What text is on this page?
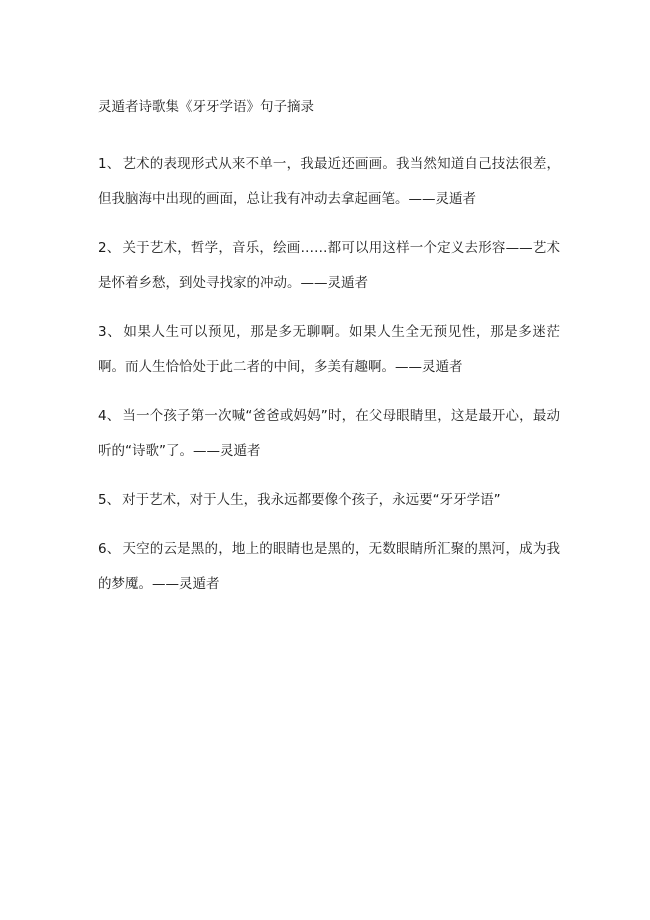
灵遁者诗歌集《牙牙学语》句子摘录

1、 艺术的表现形式从来不单一，我最近还画画。我当然知道自己技法很差，但我脑海中出现的画面，总让我有冲动去拿起画笔。——灵遁者

2、 关于艺术，哲学，音乐，绘画……都可以用这样一个定义去形容——艺术是怀着乡愁，到处寻找家的冲动。——灵遁者

3、 如果人生可以预见，那是多无聊啊。如果人生全无预见性，那是多迷茫啊。而人生恰恰处于此二者的中间，多美有趣啊。——灵遁者

4、 当一个孩子第一次喊“爸爸或妈妈”时，在父母眼睛里，这是最开心，最动听的“诗歌”了。——灵遁者

5、 对于艺术，对于人生，我永远都要像个孩子，永远要“牙牙学语”

6、 天空的云是黑的，地上的眼睛也是黑的，无数眼睛所汇聚的黑河，成为我的梦魇。——灵遁者
